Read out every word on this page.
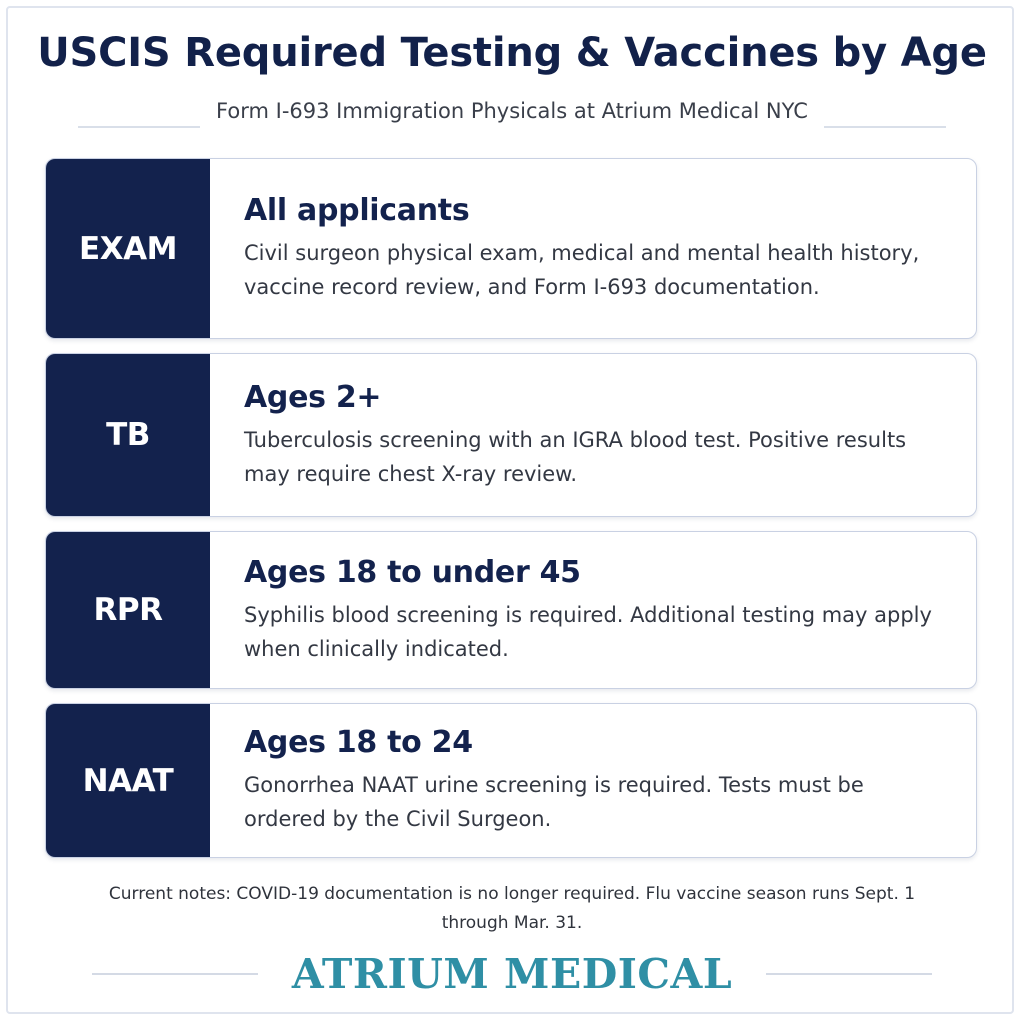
USCIS Required Testing & Vaccines by Age
Form I-693 Immigration Physicals at Atrium Medical NYC
EXAM
All applicants

Civil surgeon physical exam, medical and mental health history, vaccine record review, and Form I-693 documentation.

TB
Ages 2+

Tuberculosis screening with an IGRA blood test. Positive results may require chest X-ray review.

RPR
Ages 18 to under 45

Syphilis blood screening is required. Additional testing may apply when clinically indicated.

NAAT
Ages 18 to 24

Gonorrhea NAAT urine screening is required. Tests must be ordered by the Civil Surgeon.

Current notes: COVID-19 documentation is no longer required. Flu vaccine season runs Sept. 1 through Mar. 31.
ATRIUM MEDICAL
